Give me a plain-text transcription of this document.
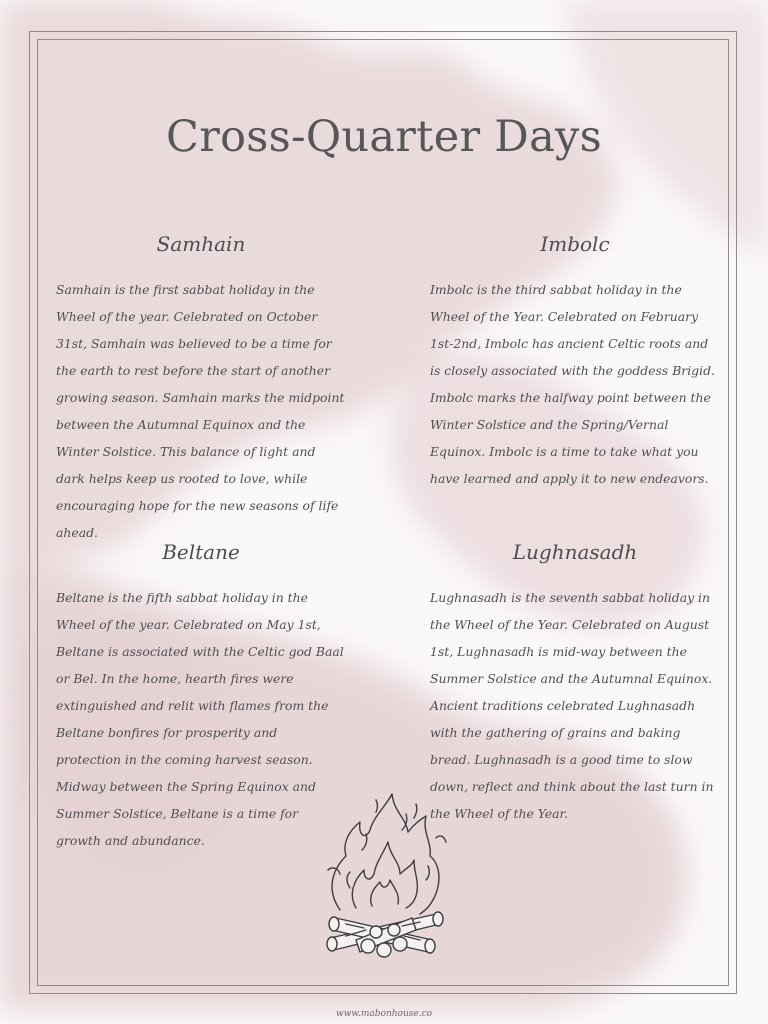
Cross-Quarter Days
Samhain

Samhain is the first sabbat holiday in the Wheel of the year. Celebrated on October 31st, Samhain was believed to be a time for the earth to rest before the start of another growing season. Samhain marks the midpoint between the Autumnal Equinox and the Winter Solstice. This balance of light and dark helps keep us rooted to love, while encouraging hope for the new seasons of life ahead.

Imbolc

Imbolc is the third sabbat holiday in the Wheel of the Year. Celebrated on February 1st-2nd, Imbolc has ancient Celtic roots and is closely associated with the goddess Brigid. Imbolc marks the halfway point between the Winter Solstice and the Spring/Vernal Equinox. Imbolc is a time to take what you have learned and apply it to new endeavors.

Beltane

Beltane is the fifth sabbat holiday in the Wheel of the year. Celebrated on May 1st, Beltane is associated with the Celtic god Baal or Bel. In the home, hearth fires were extinguished and relit with flames from the Beltane bonfires for prosperity and protection in the coming harvest season. Midway between the Spring Equinox and Summer Solstice, Beltane is a time for growth and abundance.

Lughnasadh

Lughnasadh is the seventh sabbat holiday in the Wheel of the Year. Celebrated on August 1st, Lughnasadh is mid-way between the Summer Solstice and the Autumnal Equinox. Ancient traditions celebrated Lughnasadh with the gathering of grains and baking bread. Lughnasadh is a good time to slow down, reflect and think about the last turn in the Wheel of the Year.

www.mabonhouse.co
